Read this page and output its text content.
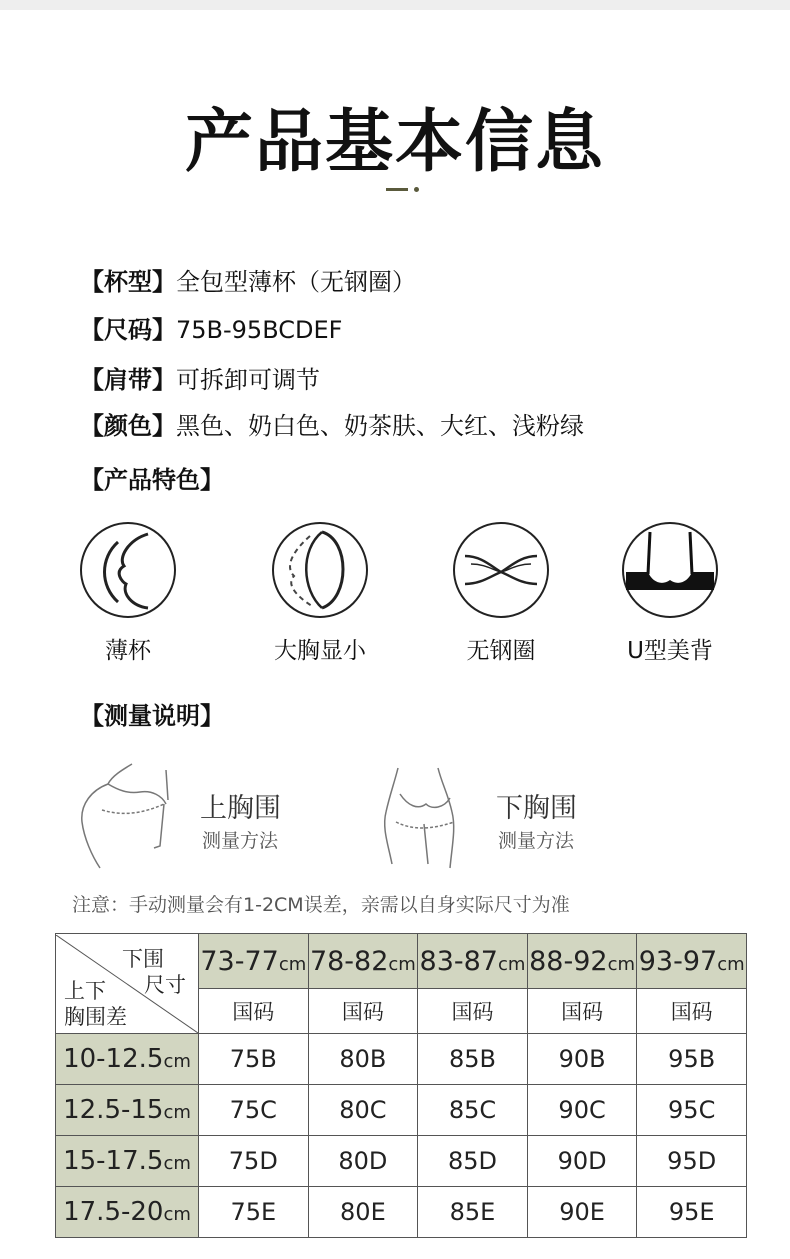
产品基本信息
【杯型】全包型薄杯（无钢圈）
【尺码】75B-95BCDEF
【肩带】可拆卸可调节
【颜色】黑色、奶白色、奶茶肤、大红、浅粉绿
【产品特色】
薄杯	大胸显小	无钢圈	U型美背
【测量说明】
上胸围
测量方法
下胸围
测量方法
注意：手动测量会有1-2CM误差，亲需以自身实际尺寸为准
下围
尺寸
上下
胸围差	73-77cm	78-82cm	83-87cm	88-92cm	93-97cm
	国码	国码	国码	国码	国码
10-12.5cm	75B	80B	85B	90B	95B
12.5-15cm	75C	80C	85C	90C	95C
15-17.5cm	75D	80D	85D	90D	95D
17.5-20cm	75E	80E	85E	90E	95E
